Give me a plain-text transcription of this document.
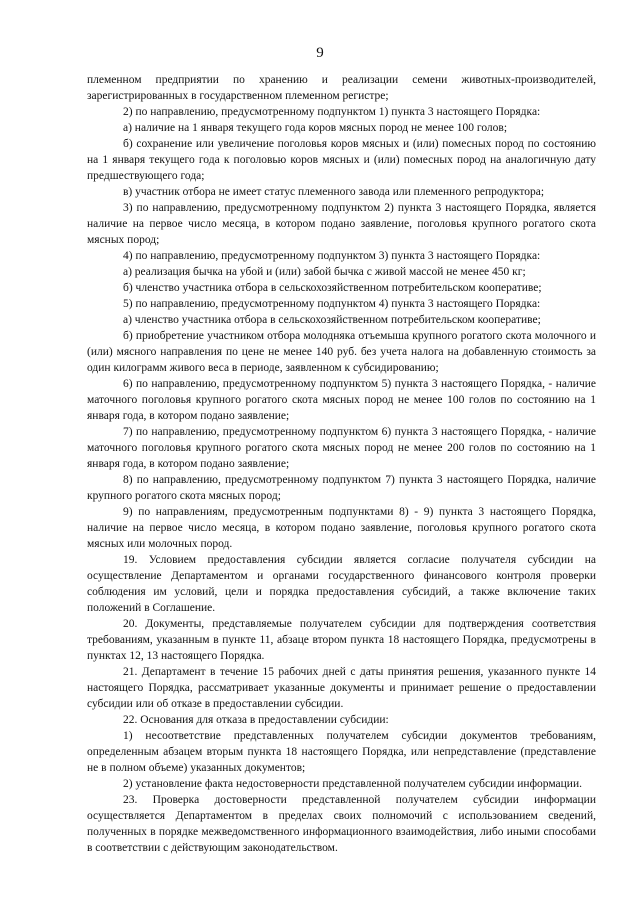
9

племенном предприятии по хранению и реализации семени животных-производителей, зарегистрированных в государственном племенном регистре;

2) по направлению, предусмотренному подпунктом 1) пункта 3 настоящего Порядка:

а) наличие на 1 января текущего года коров мясных пород не менее 100 голов;

б) сохранение или увеличение поголовья коров мясных и (или) помесных пород по состоянию на 1 января текущего года к поголовью коров мясных и (или) помесных пород на аналогичную дату предшествующего года;

в) участник отбора не имеет статус племенного завода или племенного репродуктора;

3) по направлению, предусмотренному подпунктом 2) пункта 3 настоящего Порядка, является наличие на первое число месяца, в котором подано заявление, поголовья крупного рогатого скота мясных пород;

4) по направлению, предусмотренному подпунктом 3) пункта 3 настоящего Порядка:

а) реализация бычка на убой и (или) забой бычка с живой массой не менее 450 кг;

б) членство участника отбора в сельскохозяйственном потребительском кооперативе;

5) по направлению, предусмотренному подпунктом 4) пункта 3 настоящего Порядка:

а) членство участника отбора в сельскохозяйственном потребительском кооперативе;

б) приобретение участником отбора молодняка отъемыша крупного рогатого скота молочного и (или) мясного направления по цене не менее 140 руб. без учета налога на добавленную стоимость за один килограмм живого веса в периоде, заявленном к субсидированию;

6) по направлению, предусмотренному подпунктом 5) пункта 3 настоящего Порядка, - наличие маточного поголовья крупного рогатого скота мясных пород не менее 100 голов по состоянию на 1 января года, в котором подано заявление;

7) по направлению, предусмотренному подпунктом 6) пункта 3 настоящего Порядка, - наличие маточного поголовья крупного рогатого скота мясных пород не менее 200 голов по состоянию на 1 января года, в котором подано заявление;

8) по направлению, предусмотренному подпунктом 7) пункта 3 настоящего Порядка, наличие крупного рогатого скота мясных пород;

9) по направлениям, предусмотренным подпунктами 8) - 9) пункта 3 настоящего Порядка, наличие на первое число месяца, в котором подано заявление, поголовья крупного рогатого скота мясных или молочных пород.

19. Условием предоставления субсидии является согласие получателя субсидии на осуществление Департаментом и органами государственного финансового контроля проверки соблюдения им условий, цели и порядка предоставления субсидий, а также включение таких положений в Соглашение.

20. Документы, представляемые получателем субсидии для подтверждения соответствия требованиям, указанным в пункте 11, абзаце втором пункта 18 настоящего Порядка, предусмотрены в пунктах 12, 13 настоящего Порядка.

21. Департамент в течение 15 рабочих дней с даты принятия решения, указанного пункте 14 настоящего Порядка, рассматривает указанные документы и принимает решение о предоставлении субсидии или об отказе в предоставлении субсидии.

22. Основания для отказа в предоставлении субсидии:

1) несоответствие представленных получателем субсидии документов требованиям, определенным абзацем вторым пункта 18 настоящего Порядка, или непредставление (представление не в полном объеме) указанных документов;

2) установление факта недостоверности представленной получателем субсидии информации.

23. Проверка достоверности представленной получателем субсидии информации осуществляется Департаментом в пределах своих полномочий с использованием сведений, полученных в порядке межведомственного информационного взаимодействия, либо иными способами в соответствии с действующим законодательством.
